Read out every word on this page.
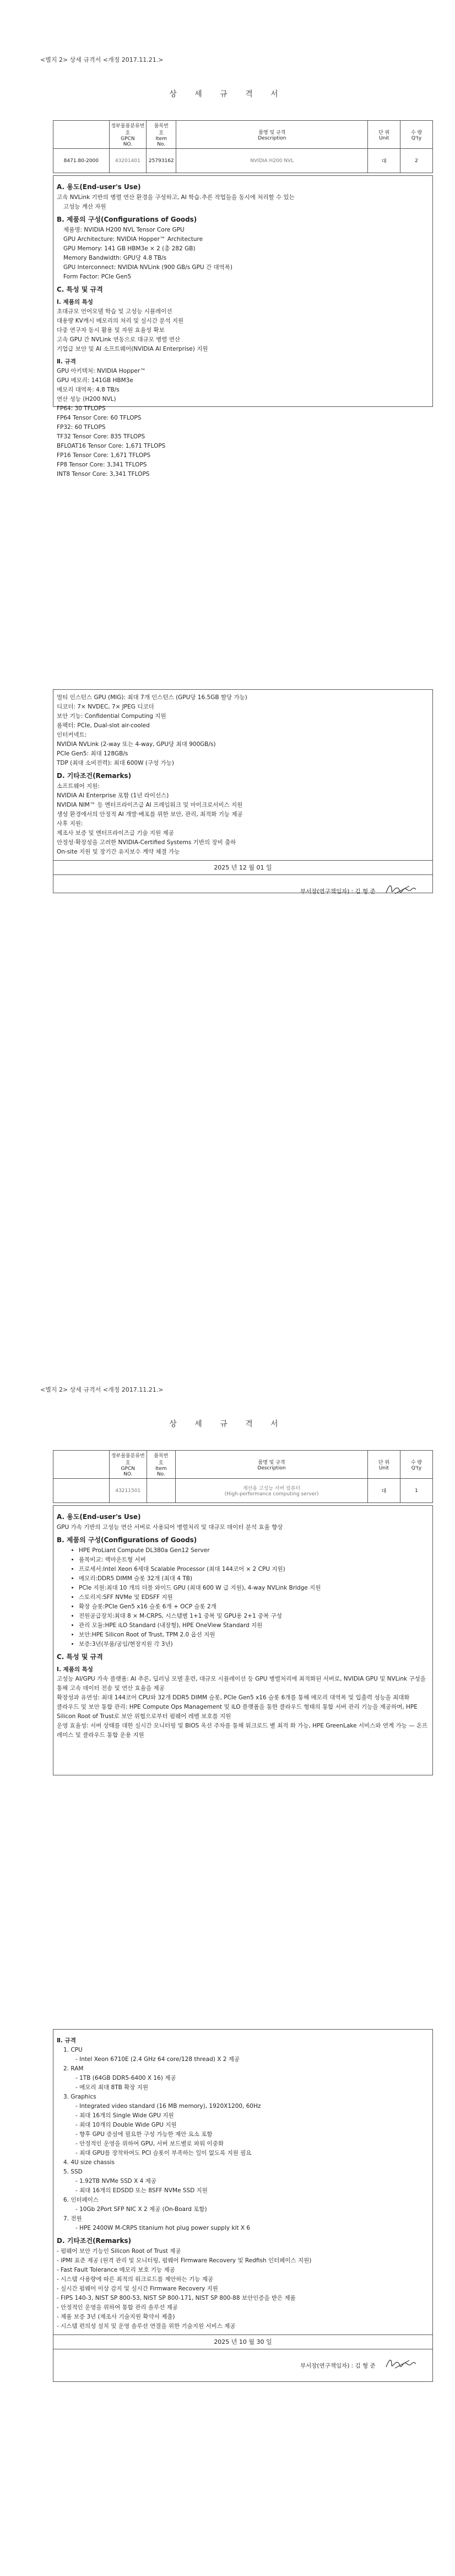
<별지 2> 상세 규격서 <개정 2017.11.21.>
상 세 규 격 서
	정부물품분류번호
GPCN
NO.	품목번
호
Item
No.	품명 및 규격
Description	단 위
Unit	수 량
Q'ty
8471.80-2000	43201401	25793162	NVIDIA H200 NVL	대	2
A. 용도(End-user's Use)

고속 NVLink 기반의 병렬 연산 환경을 구성하고, AI 학습․추론 작업들을 동시에 처리할 수 있는

고성능 계산 자원

B. 제품의 구성(Configurations of Goods)

제품명: NVIDIA H200 NVL Tensor Core GPU

GPU Architecture: NVIDIA Hopper™ Architecture

GPU Memory: 141 GB HBM3e × 2 (총 282 GB)

Memory Bandwidth: GPU당 4.8 TB/s

GPU Interconnect: NVIDIA NVLink (900 GB/s GPU 간 대역폭)

Form Factor: PCIe Gen5

C. 특성 및 규격
Ⅰ. 제품의 특성

초대규모 언어모델 학습 및 고성능 시뮬레이션

대용량 KV캐시 메모리의 처리 및 실시간 분석 지원

다중 연구자 동시 활용 및 자원 효율성 확보

고속 GPU 간 NVLink 연동으로 대규모 병렬 연산

기업급 보안 및 AI 소프트웨어(NVIDIA AI Enterprise) 지원

Ⅱ. 규격

GPU 아키텍처: NVIDIA Hopper™

GPU 메모리: 141GB HBM3e

메모리 대역폭: 4.8 TB/s

연산 성능 (H200 NVL)

FP64: 30 TFLOPS

FP64 Tensor Core: 60 TFLOPS

FP32: 60 TFLOPS

TF32 Tensor Core: 835 TFLOPS

BFLOAT16 Tensor Core: 1,671 TFLOPS

FP16 Tensor Core: 1,671 TFLOPS

FP8 Tensor Core: 3,341 TFLOPS

INT8 Tensor Core: 3,341 TFLOPS

멀티 인스턴스 GPU (MIG): 최대 7개 인스턴스 (GPU당 16.5GB 할당 가능)

디코더: 7× NVDEC, 7× JPEG 디코더

보안 기능: Confidential Computing 지원

폼팩터: PCIe, Dual-slot air-cooled

인터커넥트:

NVIDIA NVLink (2-way 또는 4-way, GPU당 최대 900GB/s)

PCIe Gen5: 최대 128GB/s

TDP (최대 소비전력): 최대 600W (구성 가능)

D. 기타조건(Remarks)

소프트웨어 지원:

NVIDIA AI Enterprise 포함 (1년 라이선스)

NVIDIA NIM™ 등 엔터프라이즈급 AI 프레임워크 및 마이크로서비스 지원

생성 환경에서의 안정적 AI 개발·배포를 위한 보안, 관리, 최적화 기능 제공

사후 지원:

제조사 보증 및 엔터프라이즈급 기술 지원 제공

안정성·확장성을 고려한 NVIDIA-Certified Systems 기반의 장비 출하

On-site 지원 및 장기간 유지보수 계약 체결 가능

2025 년 12 월 01 일
부서장(연구책임자) : 김 형 준
<별지 2> 상세 규격서 <개정 2017.11.21.>
상 세 규 격 서
	정부물품분류번호
GPCN
NO.	품목번
호
Item
No.	품명 및 규격
Description	단 위
Unit	수 량
Q'ty
	43211501		계산용 고성능 서버 컴퓨터
(High-performance computing server)	대	1
A. 용도(End-user's Use)

GPU 가속 기반의 고성능 연산 서버로 사용되어 병렬처리 및 대규모 데이터 분석 효율 향상

B. 제품의 구성(Configurations of Goods)
• HPE ProLiant Compute DL380a Gen12 Server
• 품목비교: 랙마운트형 서버
• 프로세서:Intel Xeon 6세대 Scalable Processor (최대 144코어 × 2 CPU 지원)
• 메모리:DDR5 DIMM 슬롯 32개 (최대 4 TB)
• PCIe 지원:최대 10 개의 더블 와이드 GPU (최대 600 W 급 지원), 4-way NVLink Bridge 지원
• 스토리지:SFF NVMe 및 EDSFF 지원
• 확장 슬롯:PCIe Gen5 x16 슬롯 6개 + OCP 슬롯 2개
• 전원공급장치:최대 8 × M-CRPS, 시스템별 1+1 중복 및 GPU용 2+1 중복 구성
• 관리 모듈:HPE iLO Standard (내장형), HPE OneView Standard 지원
• 보안:HPE Silicon Root of Trust, TPM 2.0 옵션 지원
• 보증:3년(부품/공임/현장지원 각 3년)
C. 특성 및 규격
Ⅰ. 제품의 특성

고성능 AI/GPU 가속 플랫폼: AI 추론, 딥러닝 모델 훈련, 대규모 시뮬레이션 등 GPU 병렬처리에 최적화된 서버로, NVIDIA GPU 및 NVLink 구성을 통해 고속 데이터 전송 및 연산 효율을 제공

확장성과 유연성: 최대 144코어 CPU와 32개 DDR5 DIMM 슬롯, PCIe Gen5 x16 슬롯 6개를 통해 메모리 대역폭 및 입출력 성능을 최대화

클라우드 및 보안 통합 관리: HPE Compute Ops Management 및 iLO 플랫폼을 통한 클라우드 형태의 통합 서버 관리 기능을 제공하며, HPE Silicon Root of Trust로 보안 위협으로부터 펌웨어 레벨 보호를 지원

운영 효율성: 서버 상태를 대한 실시간 모니터링 및 BIOS 옥션 주차를 통해 워크로드 별 최적 화 가능, HPE GreenLake 서비스와 연계 가능 — 온프레미스 및 클라우드 통합 운용 지원

Ⅱ. 규격

1. CPU

- Intel Xeon 6710E (2.4 GHz 64 core/128 thread) X 2 제공

2. RAM

- 1TB (64GB DDR5-6400 X 16) 제공

- 메모리 최대 8TB 확장 지원

3. Graphics

- Integrated video standard (16 MB memory), 1920X1200, 60Hz

- 최대 16개의 Single Wide GPU 지원

- 최대 10개의 Double Wide GPU 지원

- 향후 GPU 증설에 필요한 구성 가능한 제안 요소 포함

- 안정적인 운영을 위하여 GPU, 서버 보드별로 파워 이중화

- 최대 GPU를 장착하여도 PCI 슬롯이 부족하는 일이 없도록 지원 필요

4. 4U size chassis

5. SSD

- 1.92TB NVMe SSD X 4 제공

- 최대 16개의 EDSDD 또는 8SFF NVMe SSD 지원

6. 인터페이스

- 10Gb 2Port SFP NIC X 2 제공 (On-Board 포함)

7. 전원

- HPE 2400W M-CRPS titanium hot plug power supply kit X 6

D. 기타조건(Remarks)

- 펌웨어 보안 기능인 Silicon Root of Trust 제공

- iPMI 표준 제공 (원격 관리 및 모니터링, 펌웨어 Firmware Recovery 및 Redfish 인터페이스 지원)

- Fast Fault Tolerance 메모리 보호 기능 제공

- 시스템 사용량에 따른 최적의 워크로드를 제안하는 기능 제공

- 실시간 펌웨어 이상 감지 및 실시간 Firmware Recovery 지원

- FIPS 140-3, NIST SP 800-53, NIST SP 800-171, NIST SP 800-88 보안인증을 받은 제품

- 안정적인 운영을 위하여 통합 관리 솔루션 제공

- 제품 보증 3년 (제조사 기술지원 확약서 제출)

- 시스템 편의성 설치 및 운영 솔루션 연결을 위한 기술지원 서비스 제공

2025 년 10 월 30 일
부서장(연구책임자) : 김 형 준
